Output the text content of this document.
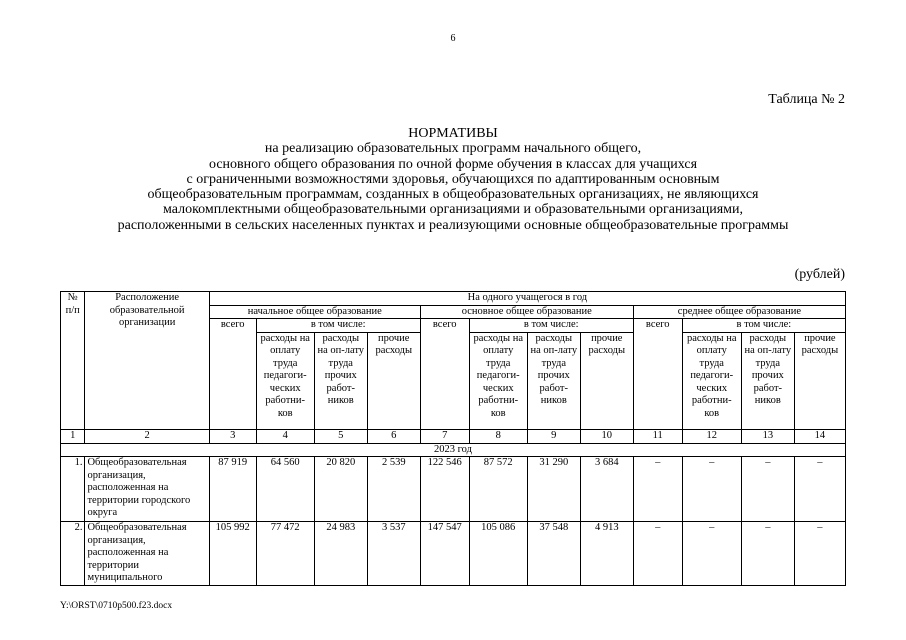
6
Таблица № 2
НОРМАТИВЫ
на реализацию образовательных программ начального общего,
основного общего образования по очной форме обучения в классах для учащихся
с ограниченными возможностями здоровья, обучающихся по адаптированным основным
общеобразовательным программам, созданных в общеобразовательных организациях, не являющихся
малокомплектными общеобразовательными организациями и образовательными организациями,
расположенными в сельских населенных пунктах и реализующими основные общеобразовательные программы
(рублей)
№ п/п	Расположение образовательной организации	На одного учащегося в год											
		начальное общее образование				основное общее образование				среднее общее образование			
		всего	в том числе:			всего	в том числе:			всего	в том числе:		
			расходы на оплату труда педагоги-ческих работни-ков	расходы на оп-лату труда прочих работ-ников	прочие расходы		расходы на оплату труда педагоги-ческих работни-ков	расходы на оп-лату труда прочих работ-ников	прочие расходы		расходы на оплату труда педагоги-ческих работни-ков	расходы на оп-лату труда прочих работ-ников	прочие расходы
1	2	3	4	5	6	7	8	9	10	11	12	13	14
2023 год													
1.	Общеобразовательная организация, расположенная на территории городского округа	87 919	64 560	20 820	2 539	122 546	87 572	31 290	3 684	–	–	–	–
2.	Общеобразовательная организация, расположенная на территории муниципального	105 992	77 472	24 983	3 537	147 547	105 086	37 548	4 913	–	–	–	–
Y:\ORST\0710p500.f23.docx
